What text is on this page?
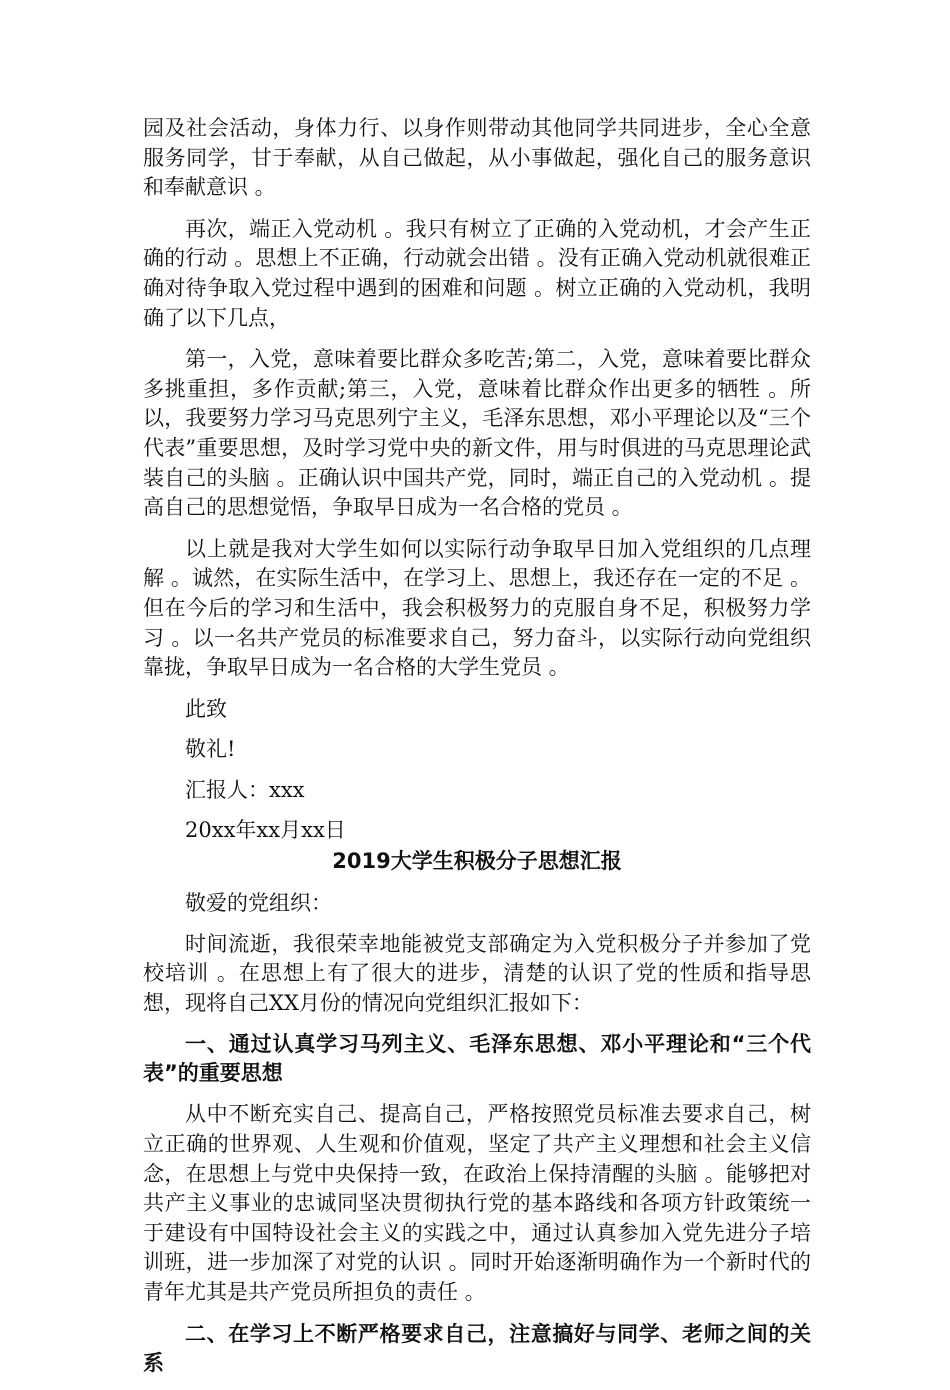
园及社会活动，身体力行、以身作则带动其他同学共同进步，全心全意服务同学，甘于奉献，从自己做起，从小事做起，强化自己的服务意识和奉献意识 。

再次，端正入党动机 。我只有树立了正确的入党动机，才会产生正确的行动 。思想上不正确，行动就会出错 。没有正确入党动机就很难正确对待争取入党过程中遇到的困难和问题 。树立正确的入党动机，我明确了以下几点，

第一，入党，意味着要比群众多吃苦;第二，入党，意味着要比群众多挑重担，多作贡献;第三，入党，意味着比群众作出更多的牺牲 。所以，我要努力学习马克思列宁主义，毛泽东思想，邓小平理论以及“三个代表”重要思想，及时学习党中央的新文件，用与时俱进的马克思理论武装自己的头脑 。正确认识中国共产党，同时，端正自己的入党动机 。提高自己的思想觉悟，争取早日成为一名合格的党员 。

以上就是我对大学生如何以实际行动争取早日加入党组织的几点理解 。诚然，在实际生活中，在学习上、思想上，我还存在一定的不足 。但在今后的学习和生活中，我会积极努力的克服自身不足，积极努力学习 。以一名共产党员的标准要求自己，努力奋斗，以实际行动向党组织靠拢，争取早日成为一名合格的大学生党员 。

此致

敬礼!

汇报人：xxx

20xx年xx月xx日

2019大学生积极分子思想汇报

敬爱的党组织：

时间流逝，我很荣幸地能被党支部确定为入党积极分子并参加了党校培训 。在思想上有了很大的进步，清楚的认识了党的性质和指导思想，现将自己XX月份的情况向党组织汇报如下：

一、通过认真学习马列主义、毛泽东思想、邓小平理论和“三个代表”的重要思想

从中不断充实自己、提高自己，严格按照党员标准去要求自己，树立正确的世界观、人生观和价值观，坚定了共产主义理想和社会主义信念，在思想上与党中央保持一致，在政治上保持清醒的头脑 。能够把对共产主义事业的忠诚同坚决贯彻执行党的基本路线和各项方针政策统一于建设有中国特设社会主义的实践之中，通过认真参加入党先进分子培训班，进一步加深了对党的认识 。同时开始逐渐明确作为一个新时代的青年尤其是共产党员所担负的责任 。

二、在学习上不断严格要求自己，注意搞好与同学、老师之间的关系
